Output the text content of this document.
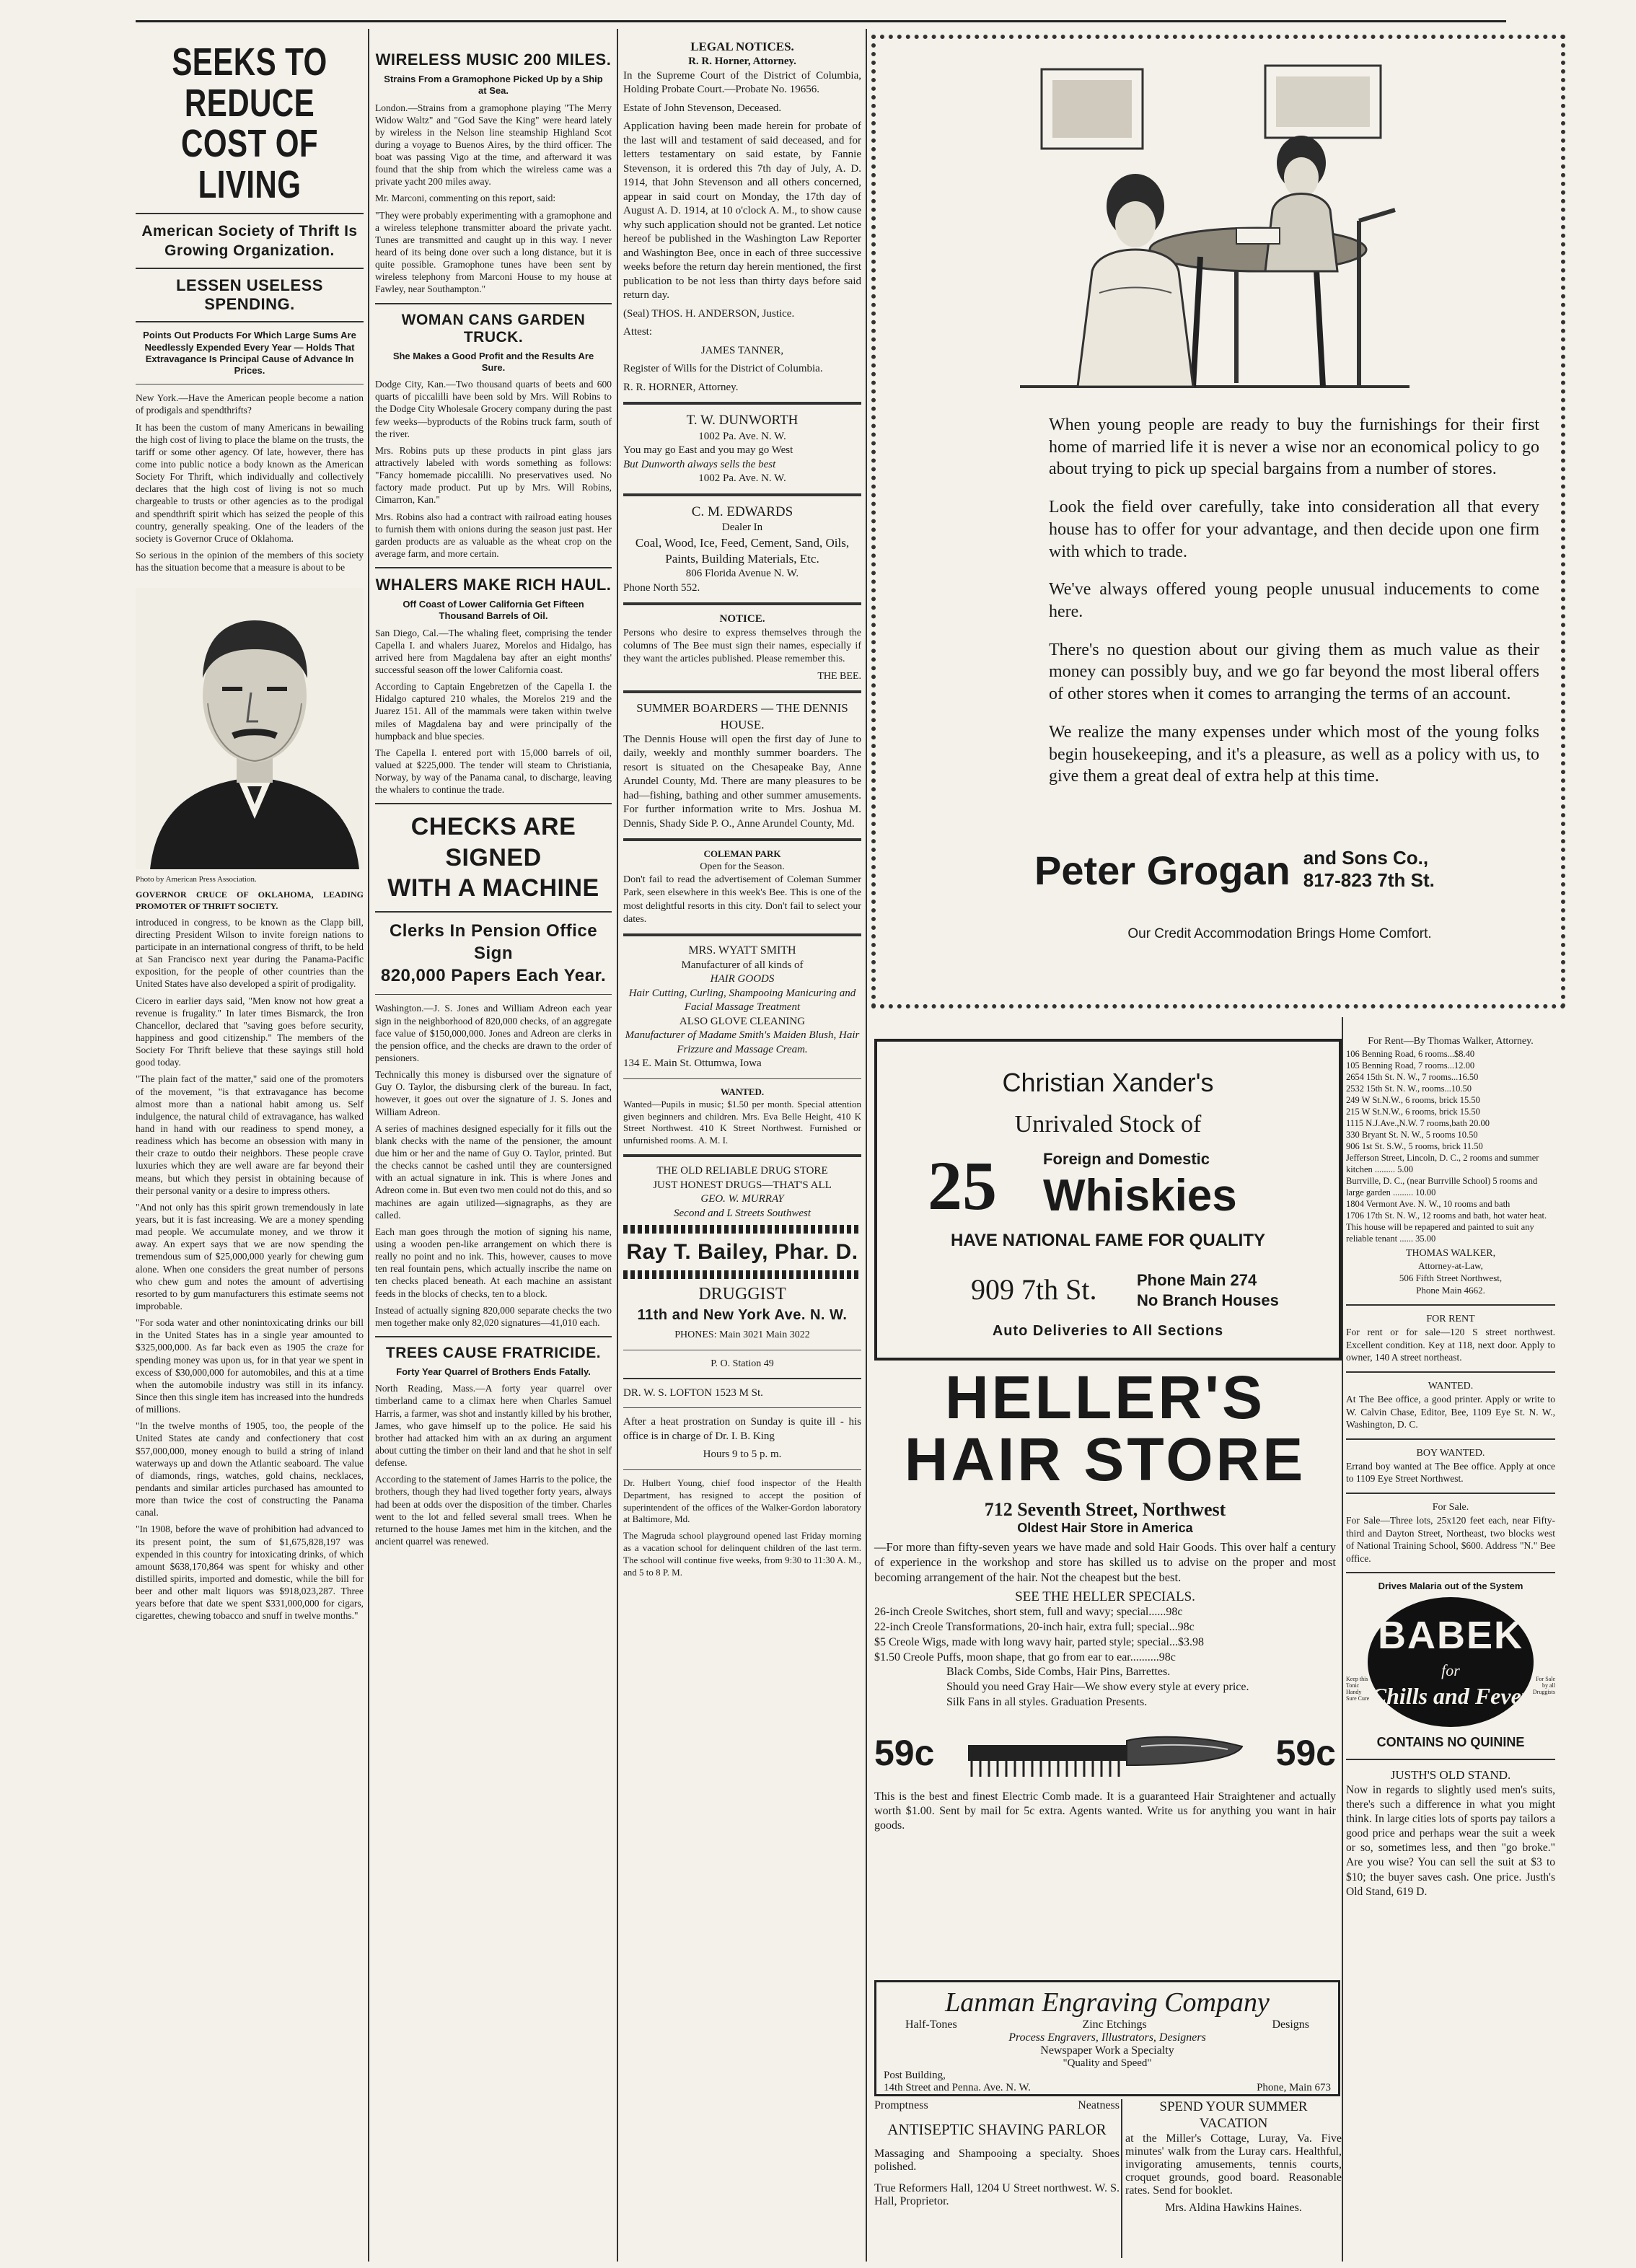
SEEKS TO REDUCE
COST OF LIVING
American Society of Thrift Is
Growing Organization.
LESSEN USELESS SPENDING.
Points Out Products For Which Large Sums Are Needlessly Expended Every Year — Holds That Extravagance Is Principal Cause of Advance In Prices.

New York.—Have the American people become a nation of prodigals and spendthrifts?

It has been the custom of many Americans in bewailing the high cost of living to place the blame on the trusts, the tariff or some other agency. Of late, however, there has come into public notice a body known as the American Society For Thrift, which individually and collectively declares that the high cost of living is not so much chargeable to trusts or other agencies as to the prodigal and spendthrift spirit which has seized the people of this country, generally speaking. One of the leaders of the society is Governor Cruce of Oklahoma.

So serious in the opinion of the members of this society has the situation become that a measure is about to be

Photo by American Press Association.

GOVERNOR CRUCE OF OKLAHOMA, LEADING PROMOTER OF THRIFT SOCIETY.

introduced in congress, to be known as the Clapp bill, directing President Wilson to invite foreign nations to participate in an international congress of thrift, to be held at San Francisco next year during the Panama-Pacific exposition, for the people of other countries than the United States have also developed a spirit of prodigality.

Cicero in earlier days said, "Men know not how great a revenue is frugality." In later times Bismarck, the Iron Chancellor, declared that "saving goes before security, happiness and good citizenship." The members of the Society For Thrift believe that these sayings still hold good today.

"The plain fact of the matter," said one of the promoters of the movement, "is that extravagance has become almost more than a national habit among us. Self indulgence, the natural child of extravagance, has walked hand in hand with our readiness to spend money, a readiness which has become an obsession with many in their craze to outdo their neighbors. These people crave luxuries which they are well aware are far beyond their means, but which they persist in obtaining because of their personal vanity or a desire to impress others.

"And not only has this spirit grown tremendously in late years, but it is fast increasing. We are a money spending mad people. We accumulate money, and we throw it away. An expert says that we are now spending the tremendous sum of $25,000,000 yearly for chewing gum alone. When one considers the great number of persons who chew gum and notes the amount of advertising resorted to by gum manufacturers this estimate seems not improbable.

"For soda water and other nonintoxicating drinks our bill in the United States has in a single year amounted to $325,000,000. As far back even as 1905 the craze for spending money was upon us, for in that year we spent in excess of $30,000,000 for automobiles, and this at a time when the automobile industry was still in its infancy. Since then this single item has increased into the hundreds of millions.

"In the twelve months of 1905, too, the people of the United States ate candy and confectionery that cost $57,000,000, money enough to build a string of inland waterways up and down the Atlantic seaboard. The value of diamonds, rings, watches, gold chains, necklaces, pendants and similar articles purchased has amounted to more than twice the cost of constructing the Panama canal.

"In 1908, before the wave of prohibition had advanced to its present point, the sum of $1,675,828,197 was expended in this country for intoxicating drinks, of which amount $638,170,864 was spent for whisky and other distilled spirits, imported and domestic, while the bill for beer and other malt liquors was $918,023,287. Three years before that date we spent $331,000,000 for cigars, cigarettes, chewing tobacco and snuff in twelve months."

WIRELESS MUSIC 200 MILES.
Strains From a Gramophone Picked Up by a Ship at Sea.

London.—Strains from a gramophone playing "The Merry Widow Waltz" and "God Save the King" were heard lately by wireless in the Nelson line steamship Highland Scot during a voyage to Buenos Aires, by the third officer. The boat was passing Vigo at the time, and afterward it was found that the ship from which the wireless came was a private yacht 200 miles away.

Mr. Marconi, commenting on this report, said:

"They were probably experimenting with a gramophone and a wireless telephone transmitter aboard the private yacht. Tunes are transmitted and caught up in this way. I never heard of its being done over such a long distance, but it is quite possible. Gramophone tunes have been sent by wireless telephony from Marconi House to my house at Fawley, near Southampton."

WOMAN CANS GARDEN TRUCK.
She Makes a Good Profit and the Results Are Sure.

Dodge City, Kan.—Two thousand quarts of beets and 600 quarts of piccalilli have been sold by Mrs. Will Robins to the Dodge City Wholesale Grocery company during the past few weeks—byproducts of the Robins truck farm, south of the river.

Mrs. Robins puts up these products in pint glass jars attractively labeled with words something as follows: "Fancy homemade piccalilli. No preservatives used. No factory made product. Put up by Mrs. Will Robins, Cimarron, Kan."

Mrs. Robins also had a contract with railroad eating houses to furnish them with onions during the season just past. Her garden products are as valuable as the wheat crop on the average farm, and more certain.

WHALERS MAKE RICH HAUL.
Off Coast of Lower California Get Fifteen Thousand Barrels of Oil.

San Diego, Cal.—The whaling fleet, comprising the tender Capella I. and whalers Juarez, Morelos and Hidalgo, has arrived here from Magdalena bay after an eight months' successful season off the lower California coast.

According to Captain Engebretzen of the Capella I. the Hidalgo captured 210 whales, the Morelos 219 and the Juarez 151. All of the mammals were taken within twelve miles of Magdalena bay and were principally of the humpback and blue species.

The Capella I. entered port with 15,000 barrels of oil, valued at $225,000. The tender will steam to Christiania, Norway, by way of the Panama canal, to discharge, leaving the whalers to continue the trade.

CHECKS ARE SIGNED
WITH A MACHINE
Clerks In Pension Office Sign
820,000 Papers Each Year.

Washington.—J. S. Jones and William Adreon each year sign in the neighborhood of 820,000 checks, of an aggregate face value of $150,000,000. Jones and Adreon are clerks in the pension office, and the checks are drawn to the order of pensioners.

Technically this money is disbursed over the signature of Guy O. Taylor, the disbursing clerk of the bureau. In fact, however, it goes out over the signature of J. S. Jones and William Adreon.

A series of machines designed especially for it fills out the blank checks with the name of the pensioner, the amount due him or her and the name of Guy O. Taylor, printed. But the checks cannot be cashed until they are countersigned with an actual signature in ink. This is where Jones and Adreon come in. But even two men could not do this, and so machines are again utilized—signagraphs, as they are called.

Each man goes through the motion of signing his name, using a wooden pen-like arrangement on which there is really no point and no ink. This, however, causes to move ten real fountain pens, which actually inscribe the name on ten checks placed beneath. At each machine an assistant feeds in the blocks of checks, ten to a block.

Instead of actually signing 820,000 separate checks the two men together make only 82,020 signatures—41,010 each.

TREES CAUSE FRATRICIDE.
Forty Year Quarrel of Brothers Ends Fatally.

North Reading, Mass.—A forty year quarrel over timberland came to a climax here when Charles Samuel Harris, a farmer, was shot and instantly killed by his brother, James, who gave himself up to the police. He said his brother had attacked him with an ax during an argument about cutting the timber on their land and that he shot in self defense.

According to the statement of James Harris to the police, the brothers, though they had lived together forty years, always had been at odds over the disposition of the timber. Charles went to the lot and felled several small trees. When he returned to the house James met him in the kitchen, and the ancient quarrel was renewed.

LEGAL NOTICES.
R. R. Horner, Attorney.

In the Supreme Court of the District of Columbia, Holding Probate Court.—Probate No. 19656.

Estate of John Stevenson, Deceased.

Application having been made herein for probate of the last will and testament of said deceased, and for letters testamentary on said estate, by Fannie Stevenson, it is ordered this 7th day of July, A. D. 1914, that John Stevenson and all others concerned, appear in said court on Monday, the 17th day of August A. D. 1914, at 10 o'clock A. M., to show cause why such application should not be granted. Let notice hereof be published in the Washington Law Reporter and Washington Bee, once in each of three successive weeks before the return day herein mentioned, the first publication to be not less than thirty days before said return day.

(Seal) THOS. H. ANDERSON, Justice.

Attest:

JAMES TANNER,

Register of Wills for the District of Columbia.

R. R. HORNER, Attorney.

T. W. DUNWORTH
1002 Pa. Ave. N. W.
You may go East and you may go West
But Dunworth always sells the best
1002 Pa. Ave. N. W.
C. M. EDWARDS
Dealer In
Coal, Wood, Ice, Feed, Cement, Sand, Oils, Paints, Building Materials, Etc.
806 Florida Avenue N. W.
Phone North 552.
NOTICE.

Persons who desire to express themselves through the columns of The Bee must sign their names, especially if they want the articles published. Please remember this.

THE BEE.
SUMMER BOARDERS — THE DENNIS HOUSE.

The Dennis House will open the first day of June to daily, weekly and monthly summer boarders. The resort is situated on the Chesapeake Bay, Anne Arundel County, Md. There are many pleasures to be had—fishing, bathing and other summer amusements. For further information write to Mrs. Joshua M. Dennis, Shady Side P. O., Anne Arundel County, Md.

COLEMAN PARK
Open for the Season.

Don't fail to read the advertisement of Coleman Summer Park, seen elsewhere in this week's Bee. This is one of the most delightful resorts in this city. Don't fail to select your dates.

MRS. WYATT SMITH
Manufacturer of all kinds of
HAIR GOODS
Hair Cutting, Curling, Shampooing Manicuring and Facial Massage Treatment
ALSO GLOVE CLEANING
Manufacturer of Madame Smith's Maiden Blush, Hair Frizzure and Massage Cream.
134 E. Main St. Ottumwa, Iowa
WANTED.

Wanted—Pupils in music; $1.50 per month. Special attention given beginners and children. Mrs. Eva Belle Height, 410 K Street Northwest. 410 K Street Northwest. Furnished or unfurnished rooms. A. M. I.

THE OLD RELIABLE DRUG STORE
JUST HONEST DRUGS—THAT'S ALL
GEO. W. MURRAY
Second and L Streets Southwest
Ray T. Bailey, Phar. D.
DRUGGIST
11th and New York Ave. N. W.
PHONES: Main 3021 Main 3022
P. O. Station 49
DR. W. S. LOFTON 1523 M St.

After a heat prostration on Sunday is quite ill - his office is in charge of Dr. I. B. King

Hours 9 to 5 p. m.

Dr. Hulbert Young, chief food inspector of the Health Department, has resigned to accept the position of superintendent of the offices of the Walker-Gordon laboratory at Baltimore, Md.

The Magruda school playground opened last Friday morning as a vacation school for delinquent children of the last term. The school will continue five weeks, from 9:30 to 11:30 A. M., and 5 to 8 P. M.

When young people are ready to buy the furnishings for their first home of married life it is never a wise nor an economical policy to go about trying to pick up special bargains from a number of stores.

Look the field over carefully, take into consideration all that every house has to offer for your advantage, and then decide upon one firm with which to trade.

We've always offered young people unusual inducements to come here.

There's no question about our giving them as much value as their money can possibly buy, and we go far beyond the most liberal offers of other stores when it comes to arranging the terms of an account.

We realize the many expenses under which most of the young folks begin housekeeping, and it's a pleasure, as well as a policy with us, to give them a great deal of extra help at this time.

Peter Grogan and Sons Co.,
817-823 7th St.
Our Credit Accommodation Brings Home Comfort.
Christian Xander's
Unrivaled Stock of
25	Foreign and Domestic
Whiskies
HAVE NATIONAL FAME FOR QUALITY
909 7th St.	Phone Main 274
No Branch Houses
Auto Deliveries to All Sections
HELLER'S
HAIR STORE
712 Seventh Street, Northwest
Oldest Hair Store in America

—For more than fifty-seven years we have made and sold Hair Goods. This over half a century of experience in the workshop and store has skilled us to advise on the proper and most becoming arrangement of the hair. Not the cheapest but the best.

SEE THE HELLER SPECIALS.
26-inch Creole Switches, short stem, full and wavy; special......98c
22-inch Creole Transformations, 20-inch hair, extra full; special...98c
$5 Creole Wigs, made with long wavy hair, parted style; special...$3.98
$1.50 Creole Puffs, moon shape, that go from ear to ear..........98c
Black Combs, Side Combs, Hair Pins, Barrettes.
Should you need Gray Hair—We show every style at every price.
Silk Fans in all styles. Graduation Presents.
59c	59c

This is the best and finest Electric Comb made. It is a guaranteed Hair Straightener and actually worth $1.00. Sent by mail for 5c extra. Agents wanted. Write us for anything you want in hair goods.

Lanman Engraving Company
Half-Tones	Zinc Etchings	Designs
Process Engravers, Illustrators, Designers
Newspaper Work a Specialty
"Quality and Speed"
Post Building,
14th Street and Penna. Ave. N. W.	Phone, Main 673
Promptness	Neatness
ANTISEPTIC SHAVING PARLOR

Massaging and Shampooing a specialty. Shoes polished.

True Reformers Hall, 1204 U Street northwest. W. S. Hall, Proprietor.

SPEND YOUR SUMMER VACATION

at the Miller's Cottage, Luray, Va. Five minutes' walk from the Luray cars. Healthful, invigorating amusements, tennis courts, croquet grounds, good board. Reasonable rates. Send for booklet.

Mrs. Aldina Hawkins Haines.
For Rent—By Thomas Walker, Attorney.
106 Benning Road, 6 rooms...$8.40
105 Benning Road, 7 rooms...12.00
2654 15th St. N. W., 7 rooms...16.50
2532 15th St. N. W., rooms...10.50
249 W St.N.W., 6 rooms, brick 15.50
215 W St.N.W., 6 rooms, brick 15.50
1115 N.J.Ave.,N.W. 7 rooms,bath 20.00
330 Bryant St. N. W., 5 rooms 10.50
906 1st St. S.W., 5 rooms, brick 11.50
Jefferson Street, Lincoln, D. C., 2 rooms and summer kitchen ......... 5.00
Burrville, D. C., (near Burrville School) 5 rooms and large garden ......... 10.00
1804 Vermont Ave. N. W., 10 rooms and bath
1706 17th St. N. W., 12 rooms and bath, hot water heat. This house will be repapered and painted to suit any reliable tenant ...... 35.00
THOMAS WALKER,
Attorney-at-Law,
506 Fifth Street Northwest,
Phone Main 4662.
FOR RENT

For rent or for sale—120 S street northwest. Excellent condition. Key at 118, next door. Apply to owner, 140 A street northeast.

WANTED.

At The Bee office, a good printer. Apply or write to W. Calvin Chase, Editor, Bee, 1109 Eye St. N. W., Washington, D. C.

BOY WANTED.

Errand boy wanted at The Bee office. Apply at once to 1109 Eye Street Northwest.

For Sale.

For Sale—Three lots, 25x120 feet each, near Fifty-third and Dayton Street, Northeast, two blocks west of National Training School, $600. Address "N." Bee office.

Drives Malaria out of the System
BABEK
for
Chills and Fever
Keep this Tonic Handy Sure Cure
For Sale by all Druggists
CONTAINS NO QUININE
JUSTH'S OLD STAND.

Now in regards to slightly used men's suits, there's such a difference in what you might think. In large cities lots of sports pay tailors a good price and perhaps wear the suit a week or so, sometimes less, and then "go broke." Are you wise? You can sell the suit at $3 to $10; the buyer saves cash. One price. Justh's Old Stand, 619 D.
